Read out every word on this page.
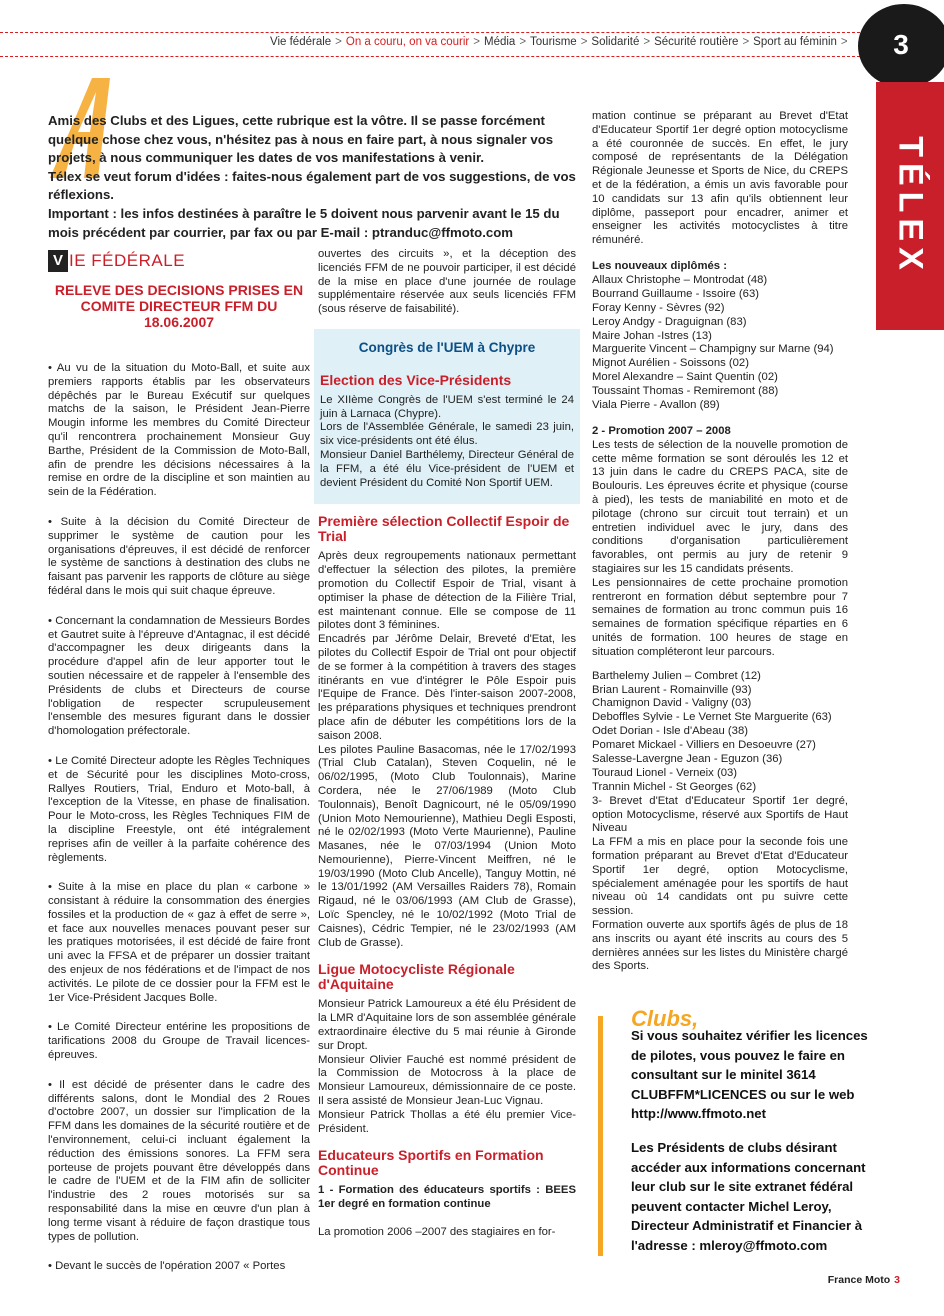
Vie fédérale > On a couru, on va courir > Média > Tourisme > Solidarité > Sécurité routière > Sport au féminin >	3
TÉLEX

Amis des Clubs et des Ligues, cette rubrique est la vôtre. Il se passe forcément quelque chose chez vous, n'hésitez pas à nous en faire part, à nous signaler vos projets, à nous communiquer les dates de vos manifestations à venir.

Télex se veut forum d'idées : faites-nous également part de vos suggestions, de vos réflexions.

Important : les infos destinées à paraître le 5 doivent nous parvenir avant le 15 du mois précédent par courrier, par fax ou par E-mail : ptranduc@ffmoto.com

V IE FÉDÉRALE
RELEVE DES DECISIONS PRISES EN COMITE DIRECTEUR FFM DU 18.06.2007
• Au vu de la situation du Moto-Ball, et suite aux premiers rapports établis par les observateurs dépêchés par le Bureau Exécutif sur quelques matchs de la saison, le Président Jean-Pierre Mougin informe les membres du Comité Directeur qu'il rencontrera prochainement Monsieur Guy Barthe, Président de la Commission de Moto-Ball, afin de prendre les décisions nécessaires à la remise en ordre de la discipline et son maintien au sein de la Fédération.
• Suite à la décision du Comité Directeur de supprimer le système de caution pour les organisations d'épreuves, il est décidé de renforcer le système de sanctions à destination des clubs ne faisant pas parvenir les rapports de clôture au siège fédéral dans le mois qui suit chaque épreuve.
• Concernant la condamnation de Messieurs Bordes et Gautret suite à l'épreuve d'Antagnac, il est décidé d'accompagner les deux dirigeants dans la procédure d'appel afin de leur apporter tout le soutien nécessaire et de rappeler à l'ensemble des Présidents de clubs et Directeurs de course l'obligation de respecter scrupuleusement l'ensemble des mesures figurant dans le dossier d'homologation préfectorale.
• Le Comité Directeur adopte les Règles Techniques et de Sécurité pour les disciplines Moto-cross, Rallyes Routiers, Trial, Enduro et Moto-ball, à l'exception de la Vitesse, en phase de finalisation. Pour le Moto-cross, les Règles Techniques FIM de la discipline Freestyle, ont été intégralement reprises afin de veiller à la parfaite cohérence des règlements.
• Suite à la mise en place du plan « carbone » consistant à réduire la consommation des énergies fossiles et la production de « gaz à effet de serre », et face aux nouvelles menaces pouvant peser sur les pratiques motorisées, il est décidé de faire front uni avec la FFSA et de préparer un dossier traitant des enjeux de nos fédérations et de l'impact de nos activités. Le pilote de ce dossier pour la FFM est le 1er Vice-Président Jacques Bolle.
• Le Comité Directeur entérine les propositions de tarifications 2008 du Groupe de Travail licences-épreuves.
• Il est décidé de présenter dans le cadre des différents salons, dont le Mondial des 2 Roues d'octobre 2007, un dossier sur l'implication de la FFM dans les domaines de la sécurité routière et de l'environnement, celui-ci incluant également la réduction des émissions sonores. La FFM sera porteuse de projets pouvant être développés dans le cadre de l'UEM et de la FIM afin de solliciter l'industrie des 2 roues motorisés sur sa responsabilité dans la mise en œuvre d'un plan à long terme visant à réduire de façon drastique tous types de pollution.
• Devant le succès de l'opération 2007 « Portes
ouvertes des circuits », et la déception des licenciés FFM de ne pouvoir participer, il est décidé de la mise en place d'une journée de roulage supplémentaire réservée aux seuls licenciés FFM (sous réserve de faisabilité).
Congrès de l'UEM à Chypre
Election des Vice-Présidents
Le XIIème Congrès de l'UEM s'est terminé le 24 juin à Larnaca (Chypre).
Lors de l'Assemblée Générale, le samedi 23 juin, six vice-présidents ont été élus.
Monsieur Daniel Barthélemy, Directeur Général de la FFM, a été élu Vice-président de l'UEM et devient Président du Comité Non Sportif UEM.
Première sélection Collectif Espoir de Trial
Après deux regroupements nationaux permettant d'effectuer la sélection des pilotes, la première promotion du Collectif Espoir de Trial, visant à optimiser la phase de détection de la Filière Trial, est maintenant connue. Elle se compose de 11 pilotes dont 3 féminines.
Encadrés par Jérôme Delair, Breveté d'Etat, les pilotes du Collectif Espoir de Trial ont pour objectif de se former à la compétition à travers des stages itinérants en vue d'intégrer le Pôle Espoir puis l'Equipe de France. Dès l'inter-saison 2007-2008, les préparations physiques et techniques prendront place afin de débuter les compétitions lors de la saison 2008.
Les pilotes Pauline Basacomas, née le 17/02/1993 (Trial Club Catalan), Steven Coquelin, né le 06/02/1995, (Moto Club Toulonnais), Marine Cordera, née le 27/06/1989 (Moto Club Toulonnais), Benoît Dagnicourt, né le 05/09/1990 (Union Moto Nemourienne), Mathieu Degli Esposti, né le 02/02/1993 (Moto Verte Maurienne), Pauline Masanes, née le 07/03/1994 (Union Moto Nemourienne), Pierre-Vincent Meiffren, né le 19/03/1990 (Moto Club Ancelle), Tanguy Mottin, né le 13/01/1992 (AM Versailles Raiders 78), Romain Rigaud, né le 03/06/1993 (AM Club de Grasse), Loïc Spencley, né le 10/02/1992 (Moto Trial de Caisnes), Cédric Tempier, né le 23/02/1993 (AM Club de Grasse).
Ligue Motocycliste Régionale d'Aquitaine
Monsieur Patrick Lamoureux a été élu Président de la LMR d'Aquitaine lors de son assemblée générale extraordinaire élective du 5 mai réunie à Gironde sur Dropt.
Monsieur Olivier Fauché est nommé président de la Commission de Motocross à la place de Monsieur Lamoureux, démissionnaire de ce poste. Il sera assisté de Monsieur Jean-Luc Vignau.
Monsieur Patrick Thollas a été élu premier Vice-Président.
Educateurs Sportifs en Formation Continue
1 - Formation des éducateurs sportifs : BEES 1er degré en formation continue
La promotion 2006 –2007 des stagiaires en for-
mation continue se préparant au Brevet d'Etat d'Educateur Sportif 1er degré option motocyclisme a été couronnée de succès. En effet, le jury composé de représentants de la Délégation Régionale Jeunesse et Sports de Nice, du CREPS et de la fédération, a émis un avis favorable pour 10 candidats sur 13 afin qu'ils obtiennent leur diplôme, passeport pour encadrer, animer et enseigner les activités motocyclistes à titre rémunéré.
Les nouveaux diplômés :
Allaux Christophe – Montrodat (48)
Bourrand Guillaume - Issoire (63)
Foray Kenny - Sèvres (92)
Leroy Andgy - Draguignan (83)
Maire Johan -Istres (13)
Marguerite Vincent – Champigny sur Marne (94)
Mignot Aurélien - Soissons (02)
Morel Alexandre – Saint Quentin (02)
Toussaint Thomas - Remiremont (88)
Viala Pierre - Avallon (89)
2 - Promotion 2007 – 2008
Les tests de sélection de la nouvelle promotion de cette même formation se sont déroulés les 12 et 13 juin dans le cadre du CREPS PACA, site de Boulouris. Les épreuves écrite et physique (course à pied), les tests de maniabilité en moto et de pilotage (chrono sur circuit tout terrain) et un entretien individuel avec le jury, dans des conditions d'organisation particulièrement favorables, ont permis au jury de retenir 9 stagiaires sur les 15 candidats présents.
Les pensionnaires de cette prochaine promotion rentreront en formation début septembre pour 7 semaines de formation au tronc commun puis 16 semaines de formation spécifique réparties en 6 unités de formation. 100 heures de stage en situation compléteront leur parcours.
Barthelemy Julien – Combret (12)
Brian Laurent - Romainville (93)
Chamignon David - Valigny (03)
Deboffles Sylvie - Le Vernet Ste Marguerite (63)
Odet Dorian - Isle d'Abeau (38)
Pomaret Mickael - Villiers en Desoeuvre (27)
Salesse-Lavergne Jean - Eguzon (36)
Touraud Lionel - Verneix (03)
Trannin Michel - St Georges (62)
3- Brevet d'Etat d'Educateur Sportif 1er degré, option Motocyclisme, réservé aux Sportifs de Haut Niveau
La FFM a mis en place pour la seconde fois une formation préparant au Brevet d'Etat d'Educateur Sportif 1er degré, option Motocyclisme, spécialement aménagée pour les sportifs de haut niveau où 14 candidats ont pu suivre cette session.
Formation ouverte aux sportifs âgés de plus de 18 ans inscrits ou ayant été inscrits au cours des 5 dernières années sur les listes du Ministère chargé des Sports.
Clubs,

Si vous souhaitez vérifier les licences de pilotes, vous pouvez le faire en consultant sur le minitel 3614 CLUBFFM*LICENCES ou sur le web http://www.ffmoto.net

Les Présidents de clubs désirant accéder aux informations concernant leur club sur le site extranet fédéral peuvent contacter Michel Leroy, Directeur Administratif et Financier à l'adresse : mleroy@ffmoto.com

France Moto 3
